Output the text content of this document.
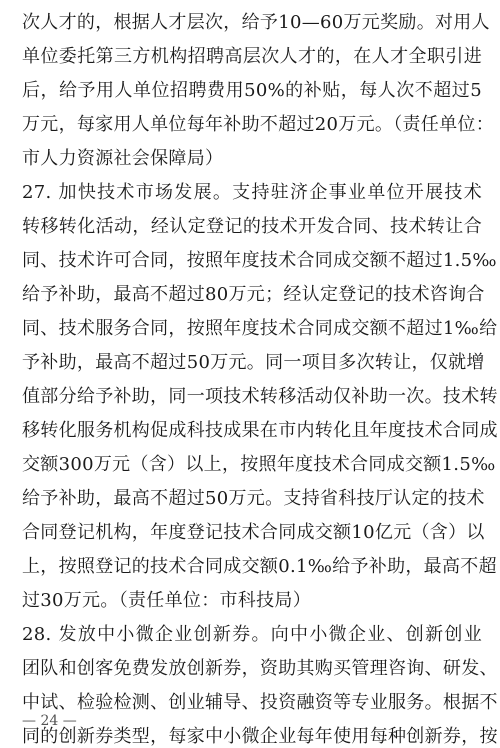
次人才的，根据人才层次，给予10—60万元奖励。对用人
单位委托第三方机构招聘高层次人才的，在人才全职引进
后，给予用人单位招聘费用50%的补贴，每人次不超过5
万元，每家用人单位每年补助不超过20万元。（责任单位：
市人力资源社会保障局）
27. 加快技术市场发展。支持驻济企事业单位开展技术
转移转化活动，经认定登记的技术开发合同、技术转让合
同、技术许可合同，按照年度技术合同成交额不超过1.5‰
给予补助，最高不超过80万元；经认定登记的技术咨询合
同、技术服务合同，按照年度技术合同成交额不超过1‰给
予补助，最高不超过50万元。同一项目多次转让，仅就增
值部分给予补助，同一项技术转移活动仅补助一次。技术转
移转化服务机构促成科技成果在市内转化且年度技术合同成
交额300万元（含）以上，按照年度技术合同成交额1.5‰
给予补助，最高不超过50万元。支持省科技厅认定的技术
合同登记机构，年度登记技术合同成交额10亿元（含）以
上，按照登记的技术合同成交额0.1‰给予补助，最高不超
过30万元。（责任单位：市科技局）
28. 发放中小微企业创新券。向中小微企业、创新创业
团队和创客免费发放创新券，资助其购买管理咨询、研发、
中试、检验检测、创业辅导、投资融资等专业服务。根据不
同的创新券类型，每家中小微企业每年使用每种创新券，按
— 24 —
